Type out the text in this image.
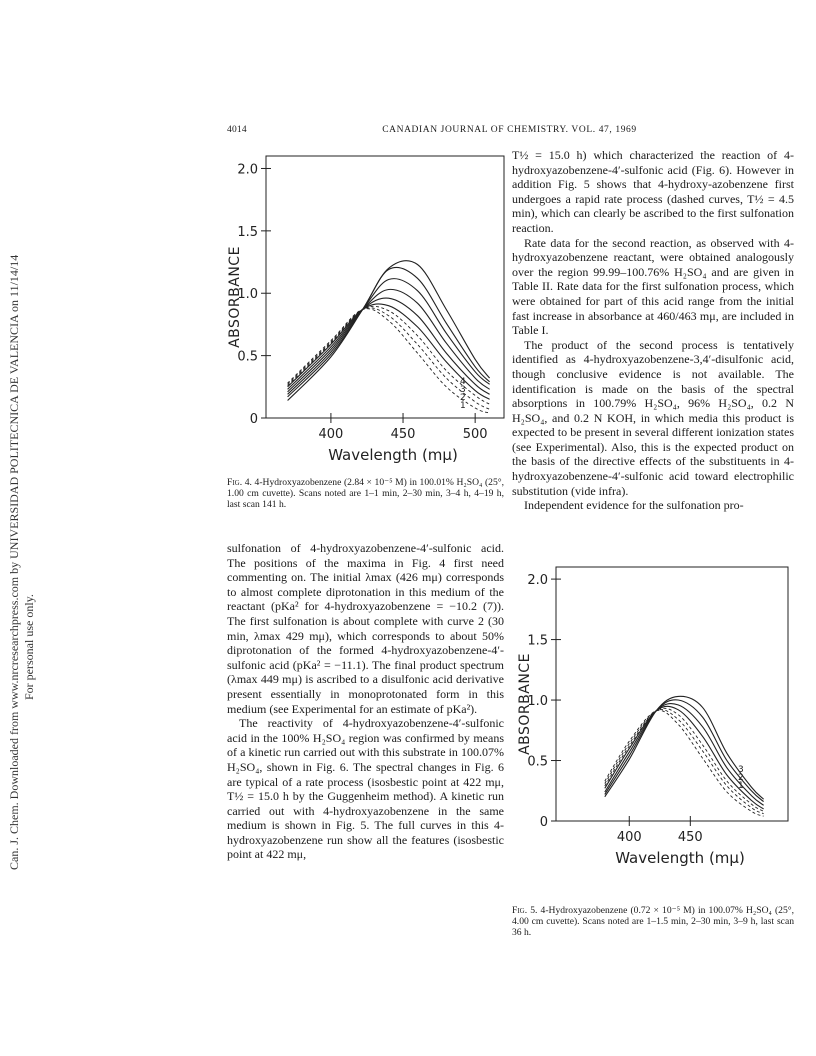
Can. J. Chem. Downloaded from www.nrcresearchpress.com by UNIVERSIDAD POLITECNICA DE VALENCIA on 11/14/14 For personal use only.
4014	CANADIAN JOURNAL OF CHEMISTRY. VOL. 47, 1969
0
0.5
1.0
1.5
2.0
400	450	500
Wavelength (mμ)
ABSORBANCE
4
3
2
1
Fig. 4. 4-Hydroxyazobenzene (2.84 × 10⁻⁵ M) in 100.01% H₂SO₄ (25°, 1.00 cm cuvette). Scans noted are 1–1 min, 2–30 min, 3–4 h, 4–19 h, last scan 141 h.

T½ = 15.0 h) which characterized the reaction of 4-hydroxyazobenzene-4′-sulfonic acid (Fig. 6). However in addition Fig. 5 shows that 4-hydroxy-azobenzene first undergoes a rapid rate process (dashed curves, T½ = 4.5 min), which can clearly be ascribed to the first sulfonation reaction.

Rate data for the second reaction, as observed with 4-hydroxyazobenzene reactant, were obtained analogously over the region 99.99–100.76% H₂SO₄ and are given in Table II. Rate data for the first sulfonation process, which were obtained for part of this acid range from the initial fast increase in absorbance at 460/463 mμ, are included in Table I.

The product of the second process is tentatively identified as 4-hydroxyazobenzene-3,4′-disulfonic acid, though conclusive evidence is not available. The identification is made on the basis of the spectral absorptions in 100.79% H₂SO₄, 96% H₂SO₄, 0.2 N H₂SO₄, and 0.2 N KOH, in which media this product is expected to be present in several different ionization states (see Experimental). Also, this is the expected product on the basis of the directive effects of the substituents in 4-hydroxyazobenzene-4′-sulfonic acid toward electrophilic substitution (vide infra).

Independent evidence for the sulfonation pro-

sulfonation of 4-hydroxyazobenzene-4′-sulfonic acid. The positions of the maxima in Fig. 4 first need commenting on. The initial λmax (426 mμ) corresponds to almost complete diprotonation in this medium of the reactant (pKa² for 4-hydroxyazobenzene = −10.2 (7)). The first sulfonation is about complete with curve 2 (30 min, λmax 429 mμ), which corresponds to about 50% diprotonation of the formed 4-hydroxyazobenzene-4′-sulfonic acid (pKa² = −11.1). The final product spectrum (λmax 449 mμ) is ascribed to a disulfonic acid derivative present essentially in monoprotonated form in this medium (see Experimental for an estimate of pKa²).

The reactivity of 4-hydroxyazobenzene-4′-sulfonic acid in the 100% H₂SO₄ region was confirmed by means of a kinetic run carried out with this substrate in 100.07% H₂SO₄, shown in Fig. 6. The spectral changes in Fig. 6 are typical of a rate process (isosbestic point at 422 mμ, T½ = 15.0 h by the Guggenheim method). A kinetic run carried out with 4-hydroxyazobenzene in the same medium is shown in Fig. 5. The full curves in this 4-hydroxyazobenzene run show all the features (isosbestic point at 422 mμ,

0
0.5
1.0
1.5
2.0
400	450
Wavelength (mμ)
ABSORBANCE
3
2
1
Fig. 5. 4-Hydroxyazobenzene (0.72 × 10⁻⁵ M) in 100.07% H₂SO₄ (25°, 4.00 cm cuvette). Scans noted are 1–1.5 min, 2–30 min, 3–9 h, last scan 36 h.
